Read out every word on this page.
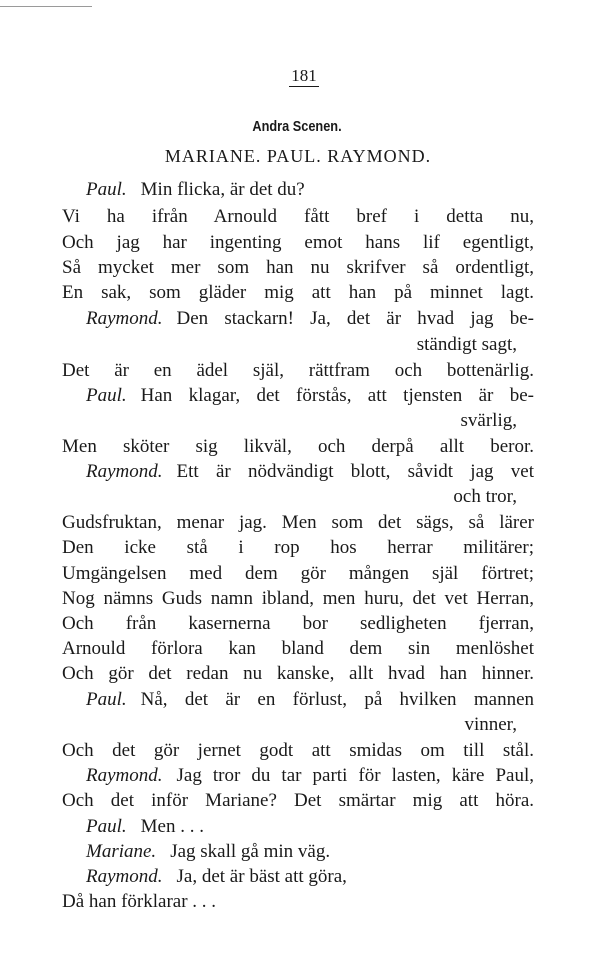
181
Andra Scenen.
MARIANE. PAUL. RAYMOND.
Paul. Min flicka, är det du?
Vi ha ifrån Arnould fått bref i detta nu,
Och jag har ingenting emot hans lif egentligt,
Så mycket mer som han nu skrifver så ordentligt,
En sak, som gläder mig att han på minnet lagt.
Raymond. Den stackarn! Ja, det är hvad jag be-
ständigt sagt,
Det är en ädel själ, rättfram och bottenärlig.
Paul. Han klagar, det förstås, att tjensten är be-
svärlig,
Men sköter sig likväl, och derpå allt beror.
Raymond. Ett är nödvändigt blott, såvidt jag vet
och tror,
Gudsfruktan, menar jag. Men som det sägs, så lärer
Den icke stå i rop hos herrar militärer;
Umgängelsen med dem gör mången själ förtret;
Nog nämns Guds namn ibland, men huru, det vet Herran,
Och från kasernerna bor sedligheten fjerran,
Arnould förlora kan bland dem sin menlöshet
Och gör det redan nu kanske, allt hvad han hinner.
Paul. Nå, det är en förlust, på hvilken mannen
vinner,
Och det gör jernet godt att smidas om till stål.
Raymond. Jag tror du tar parti för lasten, käre Paul,
Och det inför Mariane? Det smärtar mig att höra.
Paul. Men . . .
Mariane. Jag skall gå min väg.
Raymond. Ja, det är bäst att göra,
Då han förklarar . . .
